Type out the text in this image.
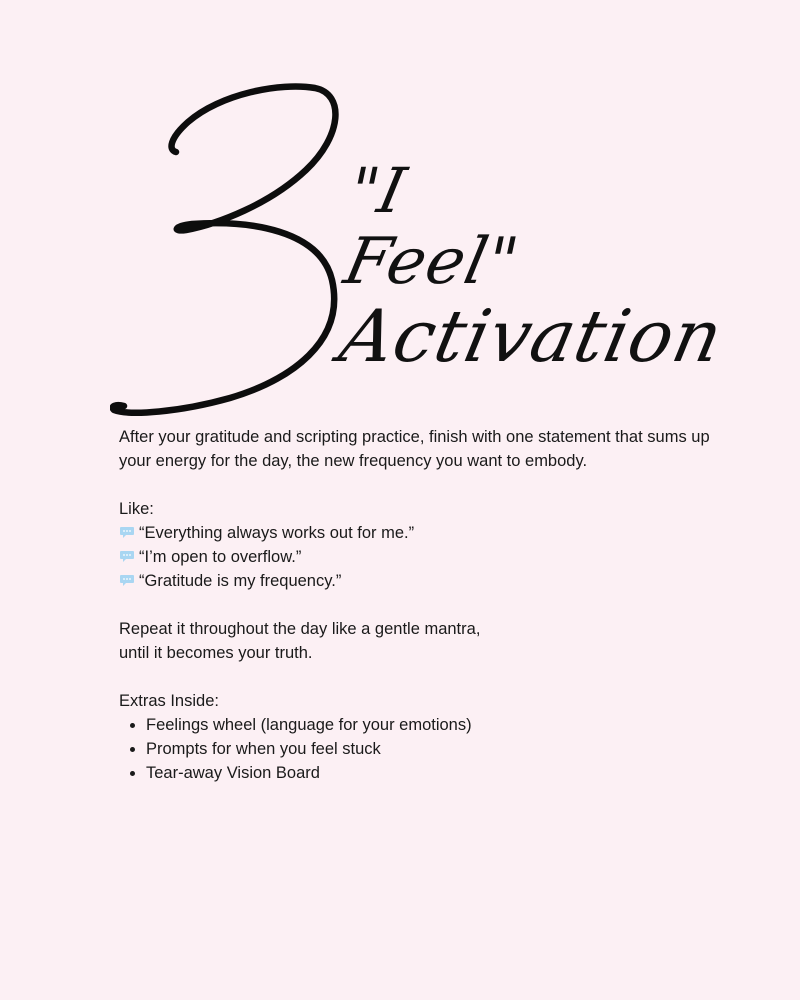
"I
Feel"
Activation

After your gratitude and scripting practice, finish with one statement that sums up your energy for the day, the new frequency you want to embody.

Like:

“Everything always works out for me.”
“I’m open to overflow.”
“Gratitude is my frequency.”

Repeat it throughout the day like a gentle mantra,

until it becomes your truth.

Extras Inside:

• Feelings wheel (language for your emotions)
• Prompts for when you feel stuck
• Tear-away Vision Board
